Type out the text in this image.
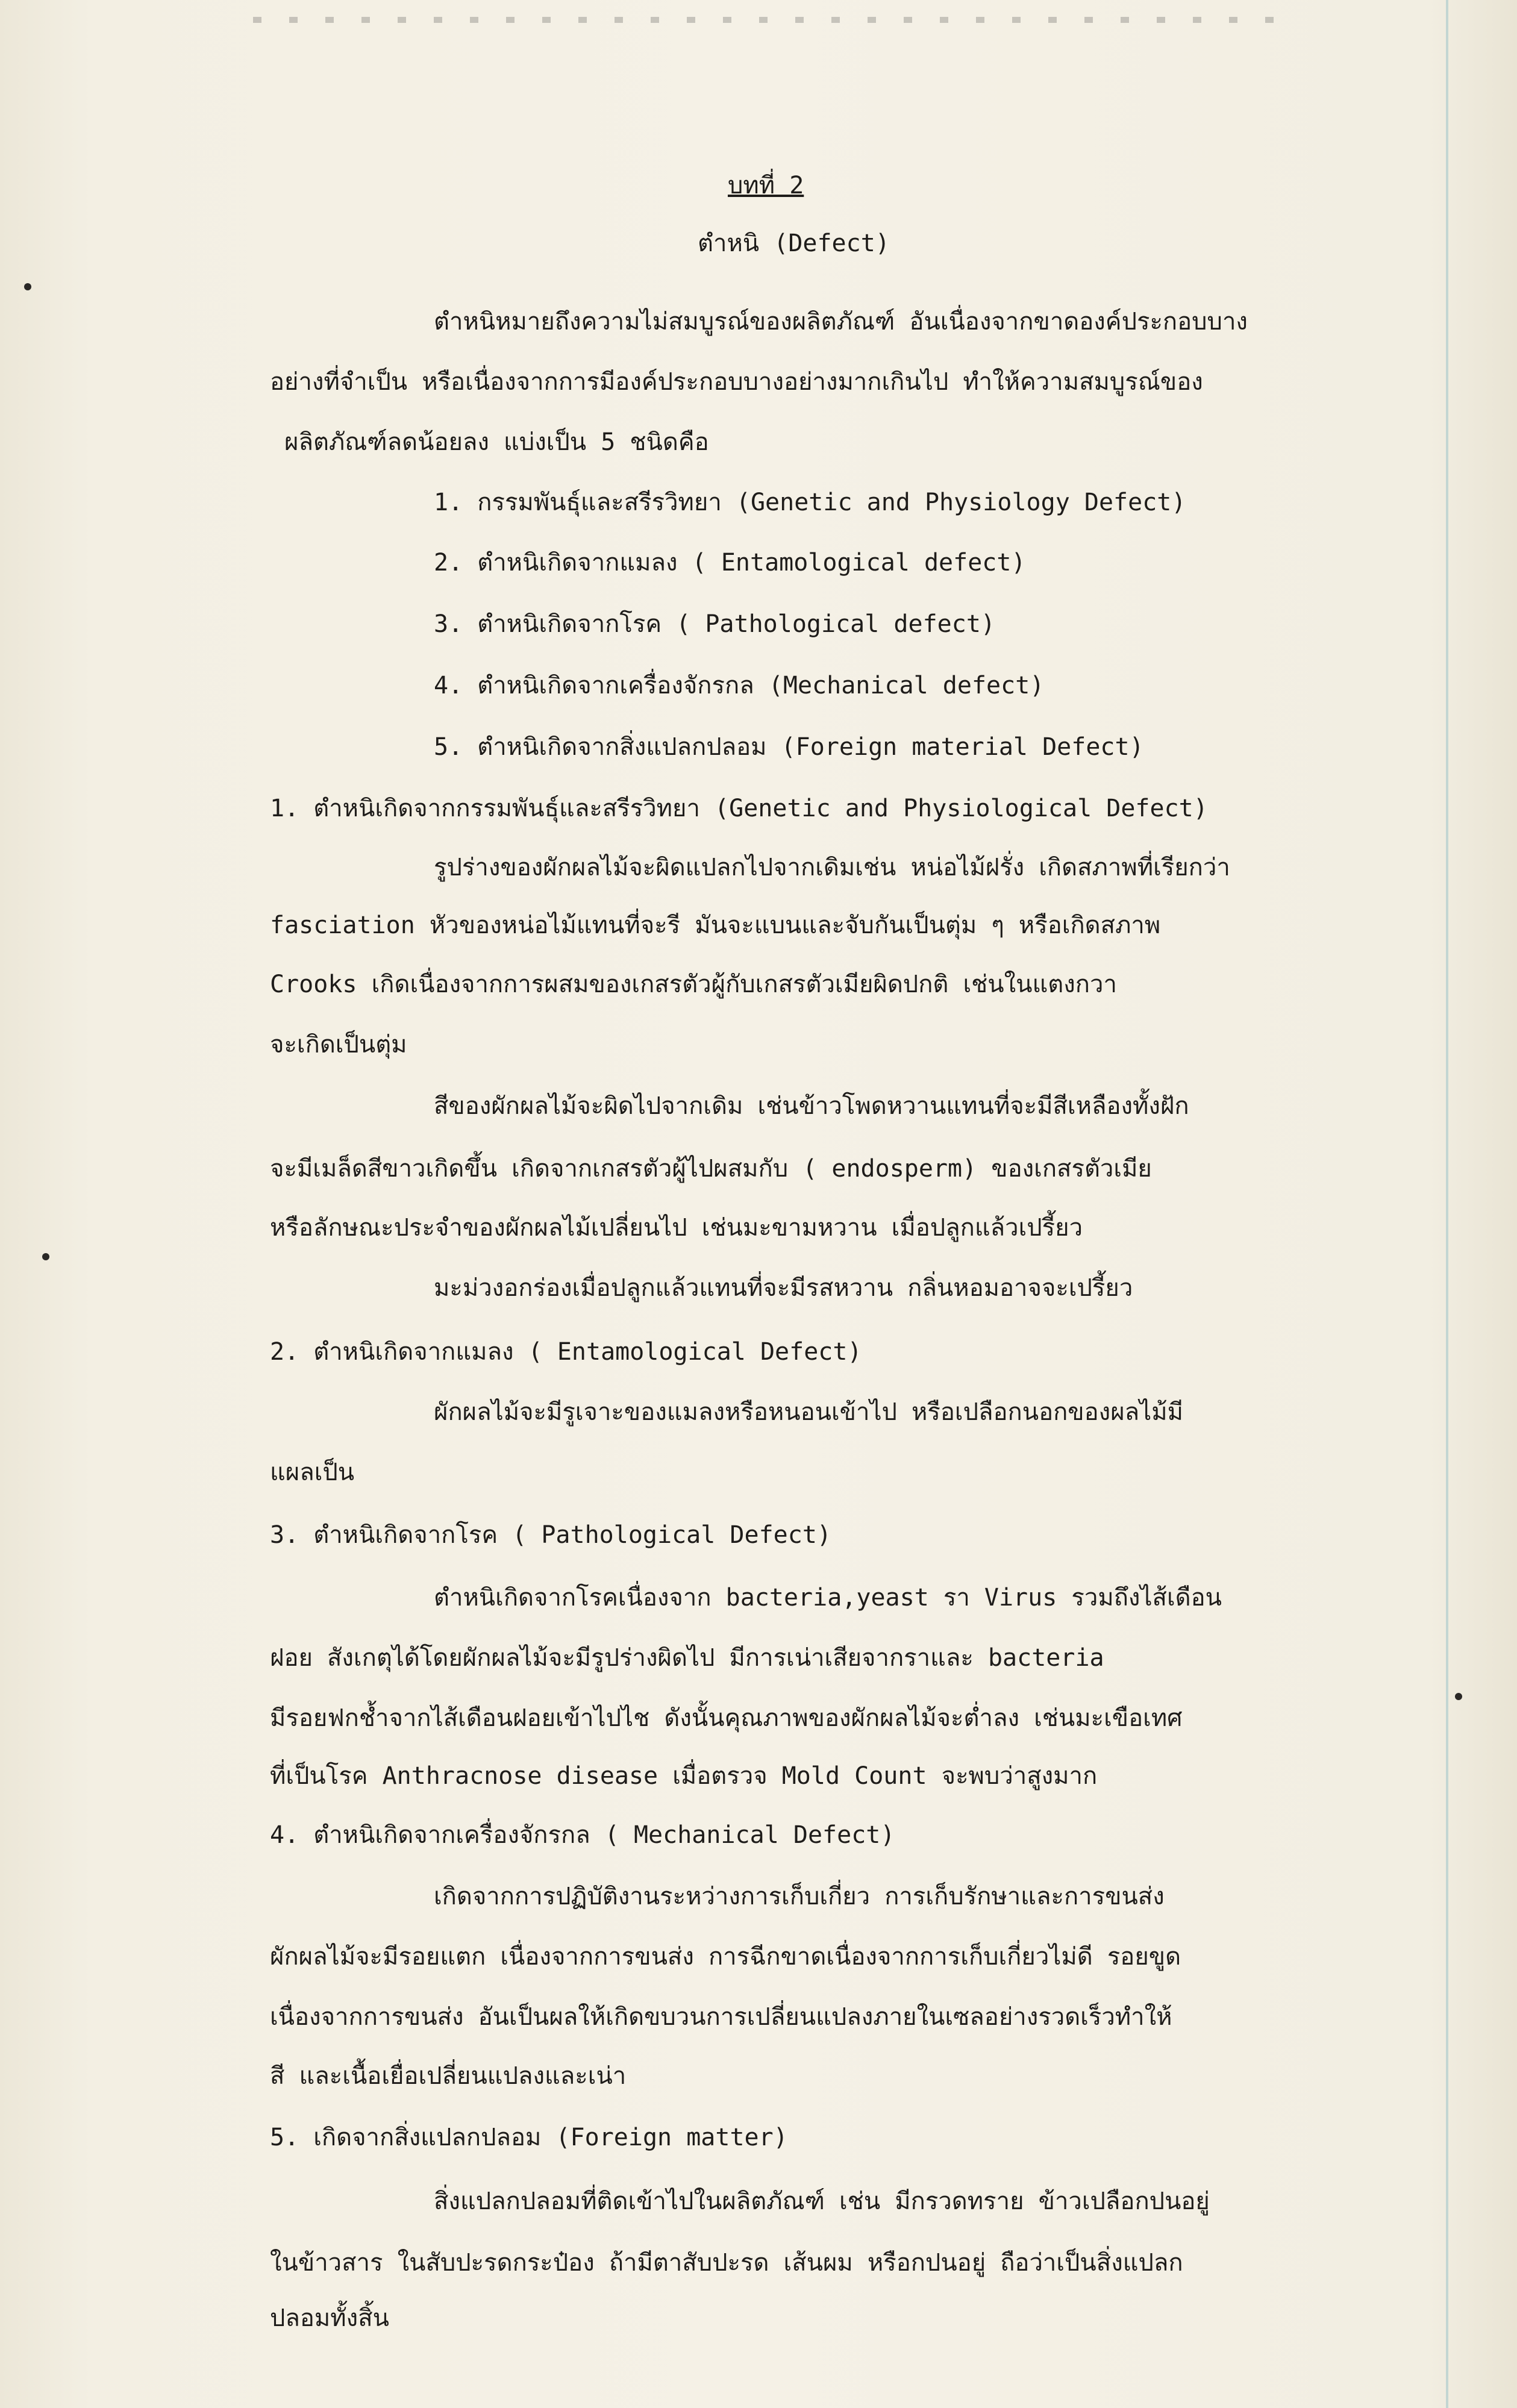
บทที่ 2
ตำหนิ (Defect)
ตำหนิหมายถึงความไม่สมบูรณ์ของผลิตภัณฑ์ อันเนื่องจากขาดองค์ประกอบบาง
อย่างที่จำเป็น หรือเนื่องจากการมีองค์ประกอบบางอย่างมากเกินไป ทำให้ความสมบูรณ์ของ
ผลิตภัณฑ์ลดน้อยลง แบ่งเป็น 5 ชนิดคือ
1. กรรมพันธุ์และสรีรวิทยา (Genetic and Physiology Defect)
2. ตำหนิเกิดจากแมลง ( Entamological defect)
3. ตำหนิเกิดจากโรค ( Pathological defect)
4. ตำหนิเกิดจากเครื่องจักรกล (Mechanical defect)
5. ตำหนิเกิดจากสิ่งแปลกปลอม (Foreign material Defect)
1. ตำหนิเกิดจากกรรมพันธุ์และสรีรวิทยา (Genetic and Physiological Defect)
รูปร่างของผักผลไม้จะผิดแปลกไปจากเดิมเช่น หน่อไม้ฝรั่ง เกิดสภาพที่เรียกว่า
fasciation หัวของหน่อไม้แทนที่จะรี มันจะแบนและจับกันเป็นตุ่ม ๆ หรือเกิดสภาพ
Crooks เกิดเนื่องจากการผสมของเกสรตัวผู้กับเกสรตัวเมียผิดปกติ เช่นในแตงกวา
จะเกิดเป็นตุ่ม
สีของผักผลไม้จะผิดไปจากเดิม เช่นข้าวโพดหวานแทนที่จะมีสีเหลืองทั้งฝัก
จะมีเมล็ดสีขาวเกิดขึ้น เกิดจากเกสรตัวผู้ไปผสมกับ ( endosperm) ของเกสรตัวเมีย
หรือลักษณะประจำของผักผลไม้เปลี่ยนไป เช่นมะขามหวาน เมื่อปลูกแล้วเปรี้ยว
มะม่วงอกร่องเมื่อปลูกแล้วแทนที่จะมีรสหวาน กลิ่นหอมอาจจะเปรี้ยว
2. ตำหนิเกิดจากแมลง ( Entamological Defect)
ผักผลไม้จะมีรูเจาะของแมลงหรือหนอนเข้าไป หรือเปลือกนอกของผลไม้มี
แผลเป็น
3. ตำหนิเกิดจากโรค ( Pathological Defect)
ตำหนิเกิดจากโรคเนื่องจาก bacteria,yeast รา Virus รวมถึงไส้เดือน
ฝอย สังเกตุได้โดยผักผลไม้จะมีรูปร่างผิดไป มีการเน่าเสียจากราและ bacteria
มีรอยฟกช้ำจากไส้เดือนฝอยเข้าไปไช ดังนั้นคุณภาพของผักผลไม้จะต่ำลง เช่นมะเขือเทศ
ที่เป็นโรค Anthracnose disease เมื่อตรวจ Mold Count จะพบว่าสูงมาก
4. ตำหนิเกิดจากเครื่องจักรกล ( Mechanical Defect)
เกิดจากการปฏิบัติงานระหว่างการเก็บเกี่ยว การเก็บรักษาและการขนส่ง
ผักผลไม้จะมีรอยแตก เนื่องจากการขนส่ง การฉีกขาดเนื่องจากการเก็บเกี่ยวไม่ดี รอยขูด
เนื่องจากการขนส่ง อันเป็นผลให้เกิดขบวนการเปลี่ยนแปลงภายในเซลอย่างรวดเร็วทำให้
สี และเนื้อเยื่อเปลี่ยนแปลงและเน่า
5. เกิดจากสิ่งแปลกปลอม (Foreign matter)
สิ่งแปลกปลอมที่ติดเข้าไปในผลิตภัณฑ์ เช่น มีกรวดทราย ข้าวเปลือกปนอยู่
ในข้าวสาร ในสับปะรดกระป๋อง ถ้ามีตาสับปะรด เส้นผม หรือกปนอยู่ ถือว่าเป็นสิ่งแปลก
ปลอมทั้งสิ้น
